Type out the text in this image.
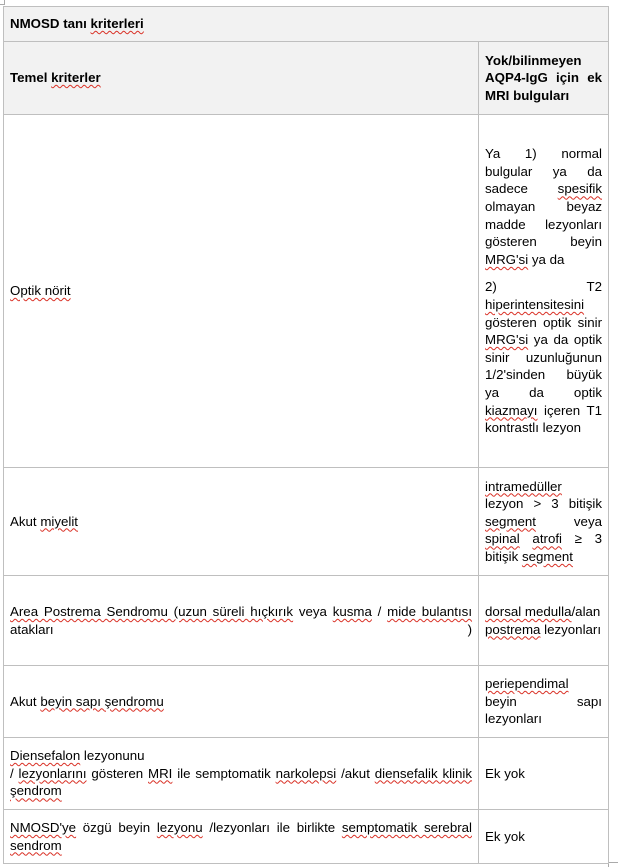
NMOSD tanı kriterleri	
Temel kriterler	Yok/bilinmeyen AQP4-IgG için ek MRI bulguları
Optik nörit	Ya 1) normal bulgular ya da sadece spesifik olmayan beyaz madde lezyonları gösteren beyin MRG'si ya da

2) T2 hiperintensitesini gösteren optik sinir MRG'si ya da optik sinir uzunluğunun 1/2'sinden büyük ya da optik kiazmayı içeren T1 kontrastlı lezyon

Akut miyelit	intramedüller lezyon > 3 bitişik segment veya spinal atrofi ≥ 3 bitişik segment
Area Postrema Sendromu (uzun süreli hıçkırık veya kusma / mide bulantısı atakları )	dorsal medulla/alan postrema lezyonları
Akut beyin sapı şendromu	periependimal beyin sapı lezyonları
Diensefalon lezyonunu
/ lezyonlarını gösteren MRI ile semptomatik narkolepsi /akut diensefalik klinik şendrom	Ek yok
NMOSD'ye özgü beyin lezyonu /lezyonları ile birlikte semptomatik serebral sendrom	Ek yok
